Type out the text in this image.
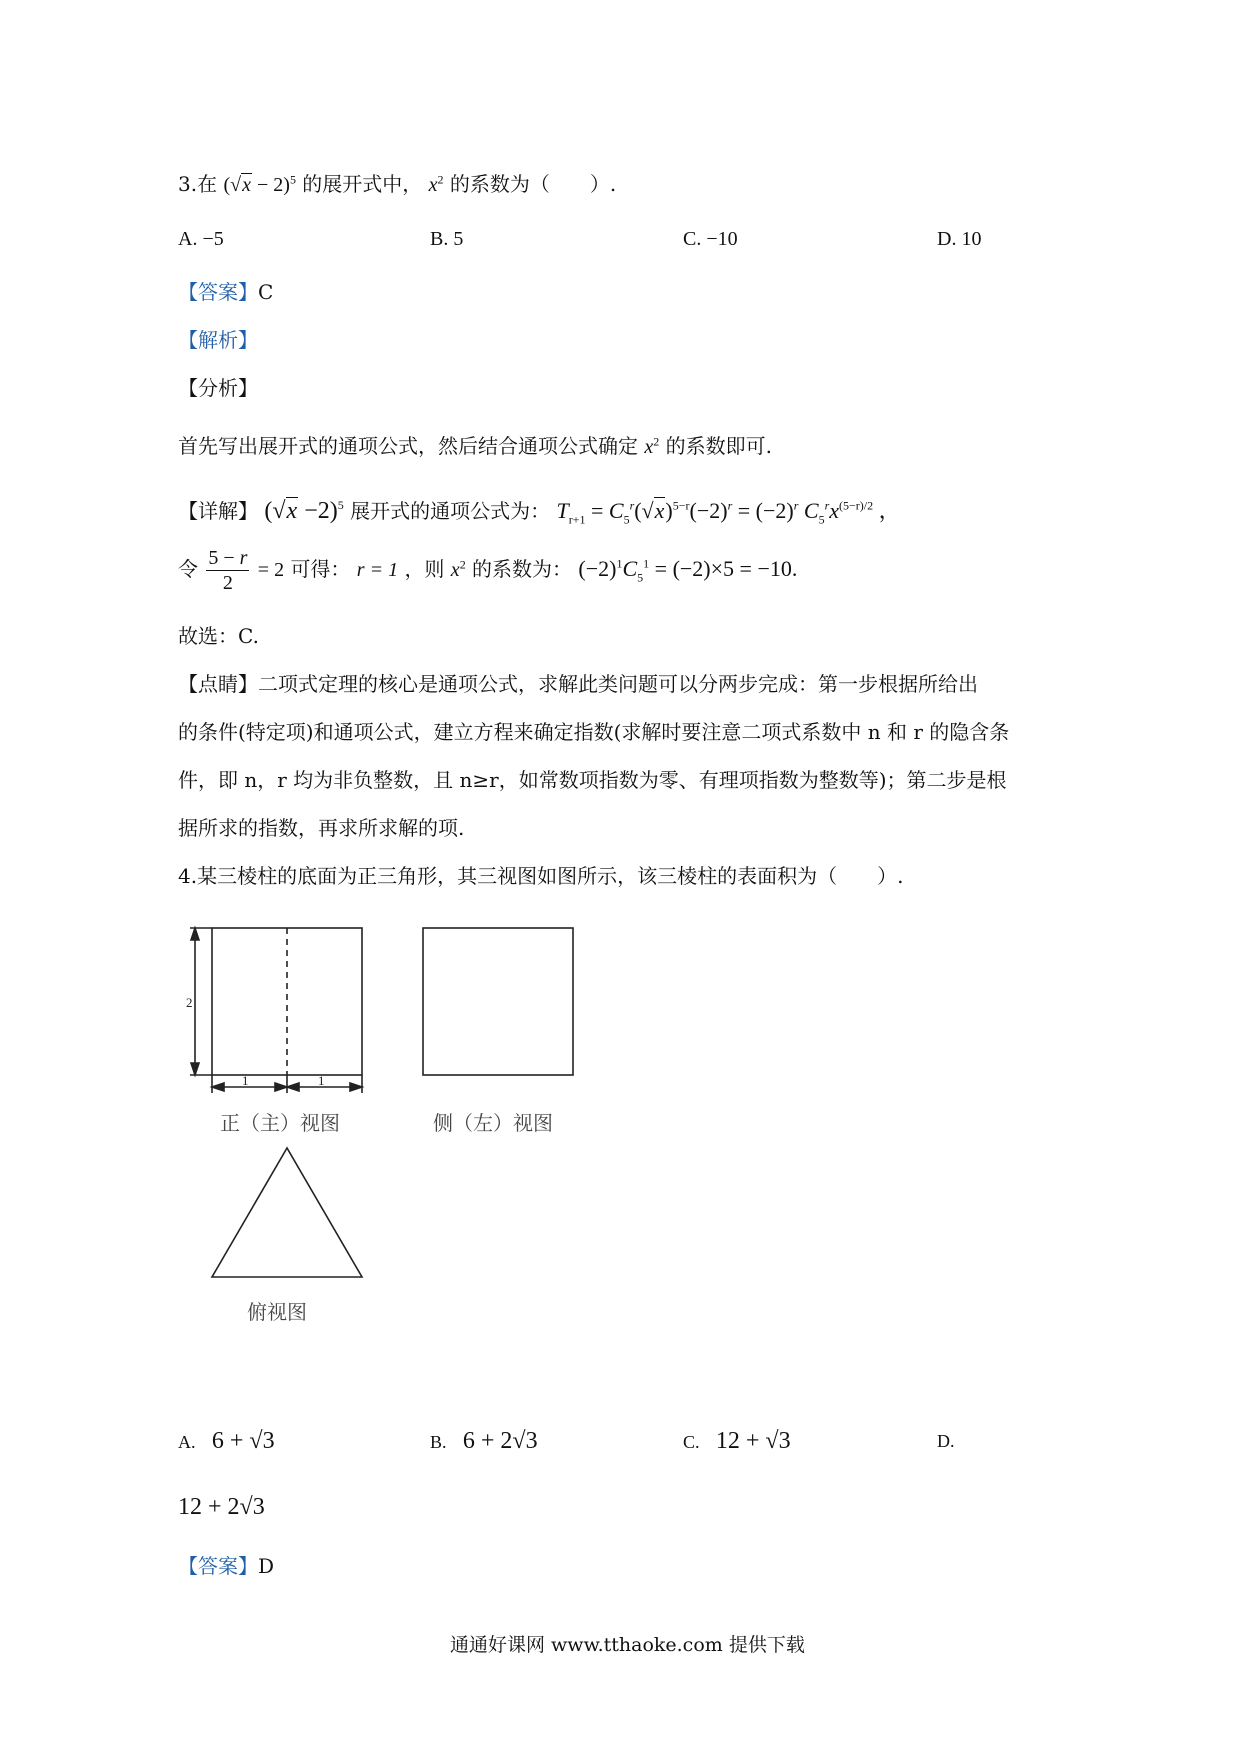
3.在 $(√x - 2)^5$ 的展开式中， $x^2$ 的系数为（　　）.
A. −5	B. 5	C. −10	D. 10
【答案】C
【解析】
【分析】
首先写出展开式的通项公式，然后结合通项公式确定 $x^2$ 的系数即可.
【详解】 $(√x -2)^5$ 展开式的通项公式为： $T_{r+1} = C_5^r(√x)^{5-r}(-2)^r = (-2)^r$ $C_5^rx^{(5-r)/2}$ ，
令 $\frac{5 - r}{2} = 2$ 可得： r = 1 ，则 $x^2$ 的系数为： $(-2)^1C_5^1 = (-2)\times 5 = -10$.
故选：C.
【点睛】二项式定理的核心是通项公式，求解此类问题可以分两步完成：第一步根据所给出
的条件(特定项)和通项公式，建立方程来确定指数(求解时要注意二项式系数中 n 和 r 的隐含条
件，即 n，r 均为非负整数，且 n≥r，如常数项指数为零、有理项指数为整数等)；第二步是根
据所求的指数，再求所求解的项.
4.某三棱柱的底面为正三角形，其三视图如图所示，该三棱柱的表面积为（　　）.
2
1	1
正（主）视图	侧（左）视图
俯视图
A. 6 + √3	B. 6 + 2√3	C. 12 + √3	D.
12 + 2√3
【答案】D
通通好课网 www.tthaoke.com 提供下载
